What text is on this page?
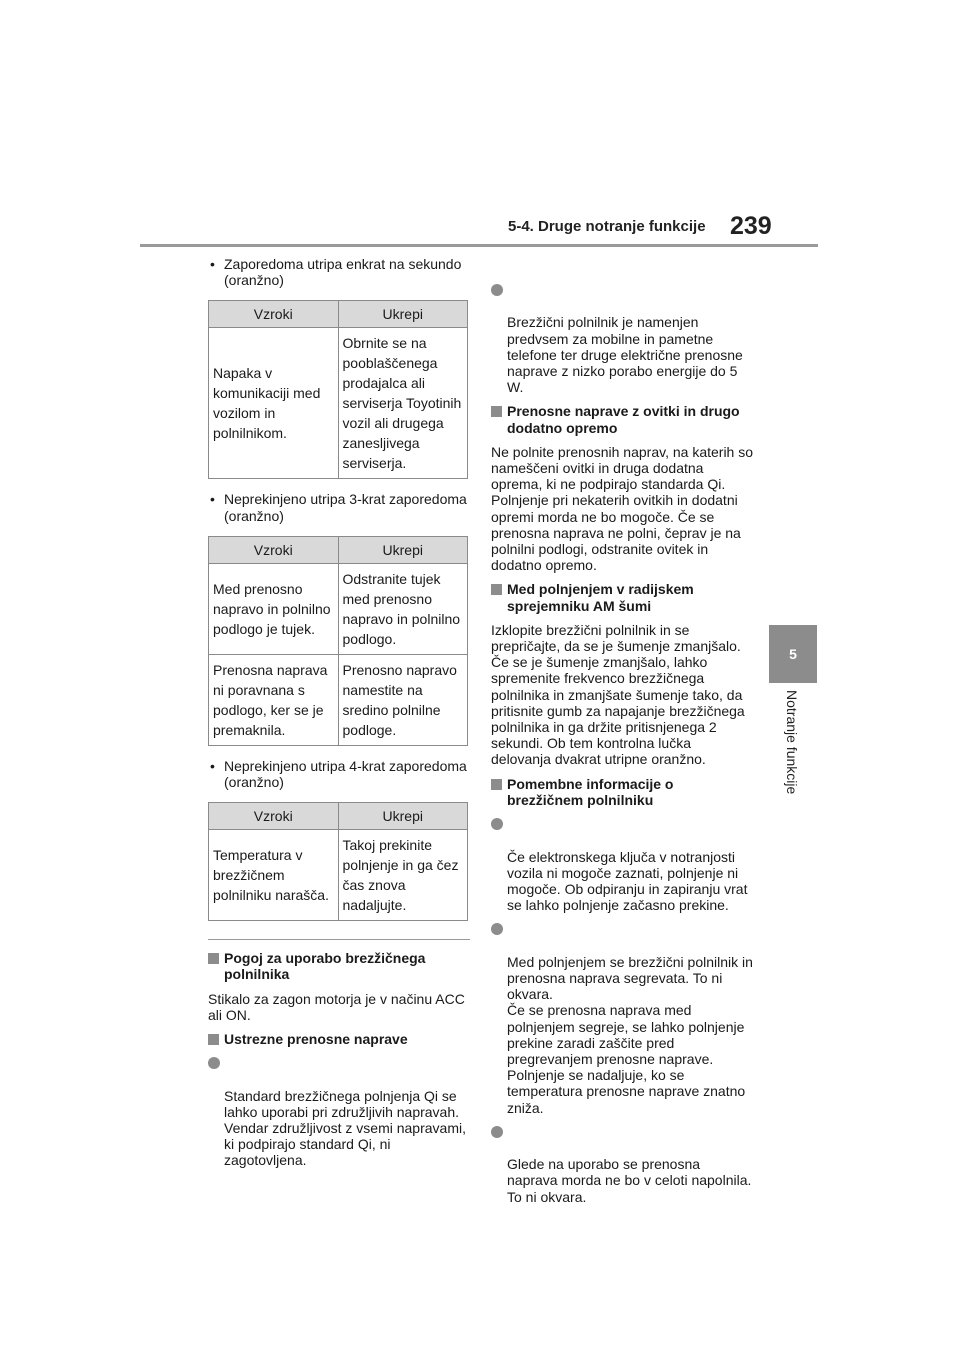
5-4. Druge notranje funkcije 239
5
Notranje funkcije
• Zaporedoma utripa enkrat na sekundo (oranžno)
Vzroki	Ukrepi
Napaka v komunikaciji med vozilom in polnilnikom.	Obrnite se na pooblaščenega prodajalca ali serviserja Toyotinih vozil ali drugega zanesljivega serviserja.
• Neprekinjeno utripa 3-krat zaporedoma (oranžno)
Vzroki	Ukrepi
Med prenosno napravo in polnilno podlogo je tujek.	Odstranite tujek med prenosno napravo in polnilno podlogo.
Prenosna naprava ni poravnana s podlogo, ker se je premaknila.	Prenosno napravo namestite na sredino polnilne podloge.
• Neprekinjeno utripa 4-krat zaporedoma (oranžno)
Vzroki	Ukrepi
Temperatura v brezžičnem polnilniku narašča.	Takoj prekinite polnjenje in ga čez čas znova nadaljujte.
Pogoj za uporabo brezžičnega polnilnika
Stikalo za zagon motorja je v načinu ACC ali ON.
Ustrezne prenosne naprave

Standard brezžičnega polnjenja Qi se lahko uporabi pri združljivih napravah. Vendar združljivost z vsemi napravami, ki podpirajo standard Qi, ni zagotovljena.

Brezžični polnilnik je namenjen predvsem za mobilne in pametne telefone ter druge električne prenosne naprave z nizko porabo energije do 5 W.

Prenosne naprave z ovitki in drugo dodatno opremo
Ne polnite prenosnih naprav, na katerih so nameščeni ovitki in druga dodatna oprema, ki ne podpirajo standarda Qi. Polnjenje pri nekaterih ovitkih in dodatni opremi morda ne bo mogoče. Če se prenosna naprava ne polni, čeprav je na polnilni podlogi, odstranite ovitek in dodatno opremo.
Med polnjenjem v radijskem sprejemniku AM šumi
Izklopite brezžični polnilnik in se prepričajte, da se je šumenje zmanjšalo. Če se je šumenje zmanjšalo, lahko spremenite frekvenco brezžičnega polnilnika in zmanjšate šumenje tako, da pritisnite gumb za napajanje brezžičnega polnilnika in ga držite pritisnjenega 2 sekundi. Ob tem kontrolna lučka delovanja dvakrat utripne oranžno.
Pomembne informacije o brezžičnem polnilniku

Če elektronskega ključa v notranjosti vozila ni mogoče zaznati, polnjenje ni mogoče. Ob odpiranju in zapiranju vrat se lahko polnjenje začasno prekine.

Med polnjenjem se brezžični polnilnik in prenosna naprava segrevata. To ni okvara.
Če se prenosna naprava med polnjenjem segreje, se lahko polnjenje prekine zaradi zaščite pred pregrevanjem prenosne naprave. Polnjenje se nadaljuje, ko se temperatura prenosne naprave znatno zniža.

Glede na uporabo se prenosna naprava morda ne bo v celoti napolnila.
To ni okvara.
